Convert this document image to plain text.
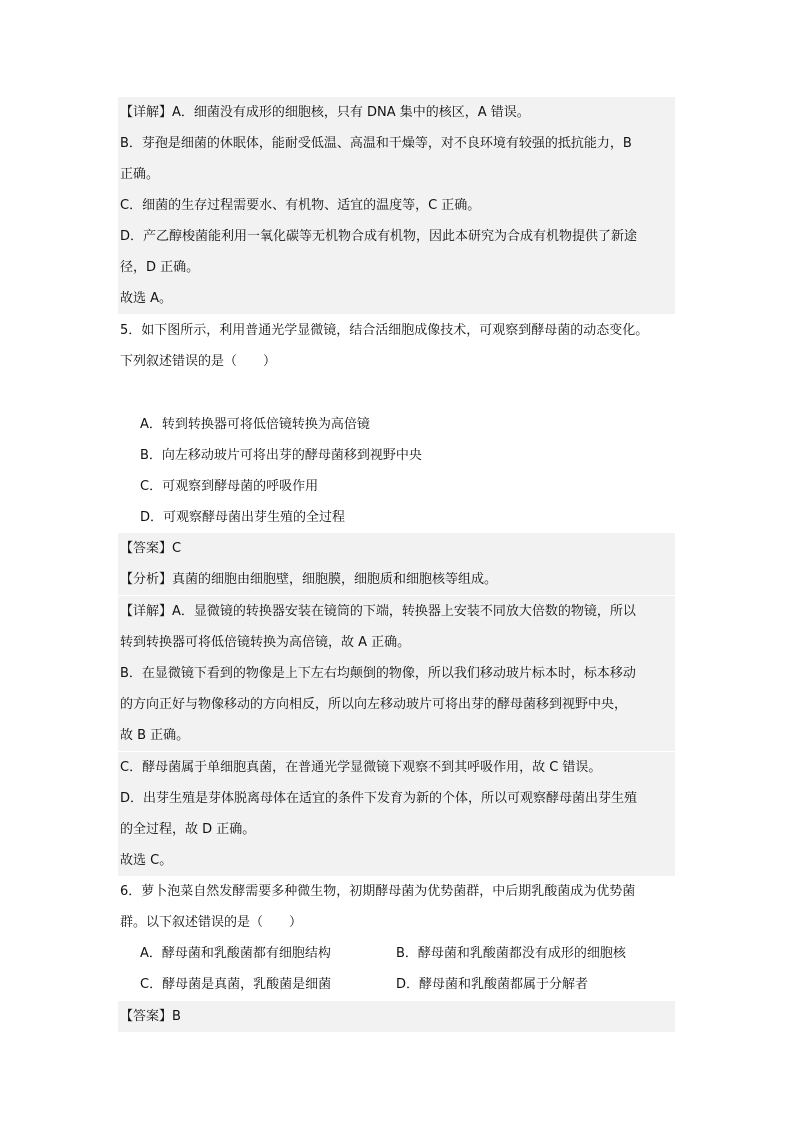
【详解】A．细菌没有成形的细胞核，只有 DNA 集中的核区，A 错误。
B．芽孢是细菌的休眠体，能耐受低温、高温和干燥等，对不良环境有较强的抵抗能力，B
正确。
C．细菌的生存过程需要水、有机物、适宜的温度等，C 正确。
D．产乙醇梭菌能利用一氧化碳等无机物合成有机物，因此本研究为合成有机物提供了新途
径，D 正确。
故选 A。
5．如下图所示，利用普通光学显微镜，结合活细胞成像技术，可观察到酵母菌的动态变化。
下列叙述错误的是（　　）
A．转到转换器可将低倍镜转换为高倍镜
B．向左移动玻片可将出芽的酵母菌移到视野中央
C．可观察到酵母菌的呼吸作用
D．可观察酵母菌出芽生殖的全过程
【答案】C
【分析】真菌的细胞由细胞壁，细胞膜，细胞质和细胞核等组成。
【详解】A．显微镜的转换器安装在镜筒的下端，转换器上安装不同放大倍数的物镜，所以
转到转换器可将低倍镜转换为高倍镜，故 A 正确。
B．在显微镜下看到的物像是上下左右均颠倒的物像，所以我们移动玻片标本时，标本移动
的方向正好与物像移动的方向相反，所以向左移动玻片可将出芽的酵母菌移到视野中央，
故 B 正确。
C．酵母菌属于单细胞真菌，在普通光学显微镜下观察不到其呼吸作用，故 C 错误。
D．出芽生殖是芽体脱离母体在适宜的条件下发育为新的个体，所以可观察酵母菌出芽生殖
的全过程，故 D 正确。
故选 C。
6．萝卜泡菜自然发酵需要多种微生物，初期酵母菌为优势菌群，中后期乳酸菌成为优势菌
群。以下叙述错误的是（　　）
A．酵母菌和乳酸菌都有细胞结构	B．酵母菌和乳酸菌都没有成形的细胞核
C．酵母菌是真菌，乳酸菌是细菌	D．酵母菌和乳酸菌都属于分解者
【答案】B
